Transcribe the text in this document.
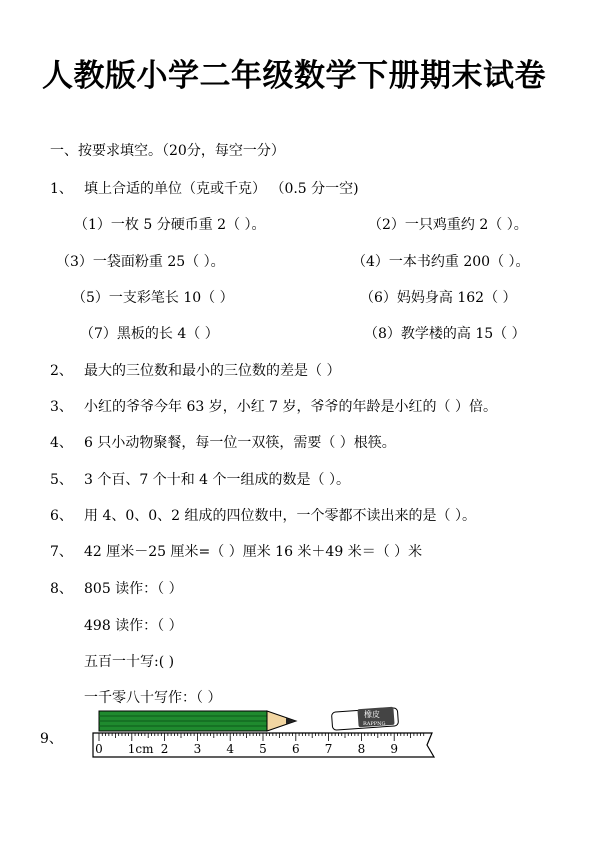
人教版小学二年级数学下册期末试卷
一、按要求填空。（20分，每空一分）
1、 填上合适的单位（克或千克） （0.5 分一空)
（1）一枚 5 分硬币重 2（ ）。	（2）一只鸡重约 2（ ）。
（3）一袋面粉重 25（ ）。	（4）一本书约重 200（ ）。
（5）一支彩笔长 10（ ）	（6）妈妈身高 162（ ）
（7）黑板的长 4（ ）	（8）教学楼的高 15（ ）
2、 最大的三位数和最小的三位数的差是（ ）
3、 小红的爷爷今年 63 岁，小红 7 岁，爷爷的年龄是小红的（ ）倍。
4、 6 只小动物聚餐，每一位一双筷，需要（ ）根筷。
5、 3 个百、7 个十和 4 个一组成的数是（ ）。
6、 用 4、0、0、2 组成的四位数中，一个零都不读出来的是（ ）。
7、 42 厘米－25 厘米=（ ）厘米 16 米＋49 米＝（ ）米
8、 805 读作：（ ）
498 读作：（ ）
五百一十写:( )
一千零八十写作：（ ）
9、
橡皮
RAPPNG
0 1cm 2 3 4 5 6 7 8 9
